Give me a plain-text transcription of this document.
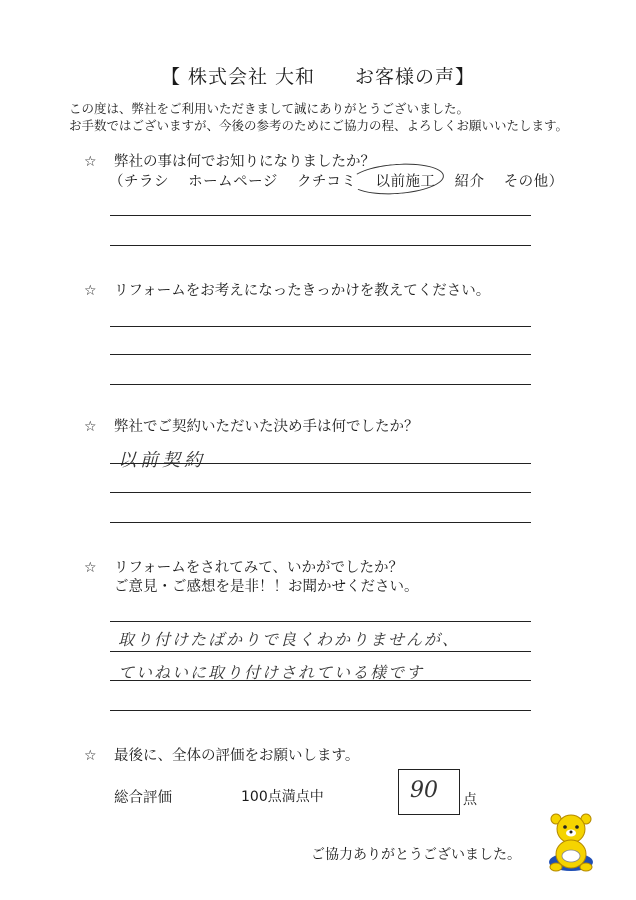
【 株式会社 大和　　お客様の声】
この度は、弊社をご利用いただきまして誠にありがとうございました。
お手数ではございますが、今後の参考のためにご協力の程、よろしくお願いいたします。
☆ 弊社の事は何でお知りになりましたか？
（チラシ ホームページ クチコミ 以前施工 紹介 その他）
☆ リフォームをお考えになったきっかけを教えてください。
☆ 弊社でご契約いただいた決め手は何でしたか？
以前契約
☆ リフォームをされてみて、いかがでしたか？
ご意見・ご感想を是非！！お聞かせください。
取り付けたばかりで良くわかりませんが、
ていねいに取り付けされている様です
☆ 最後に、全体の評価をお願いします。
総合評価	100点満点中	90 点
ご協力ありがとうございました。
